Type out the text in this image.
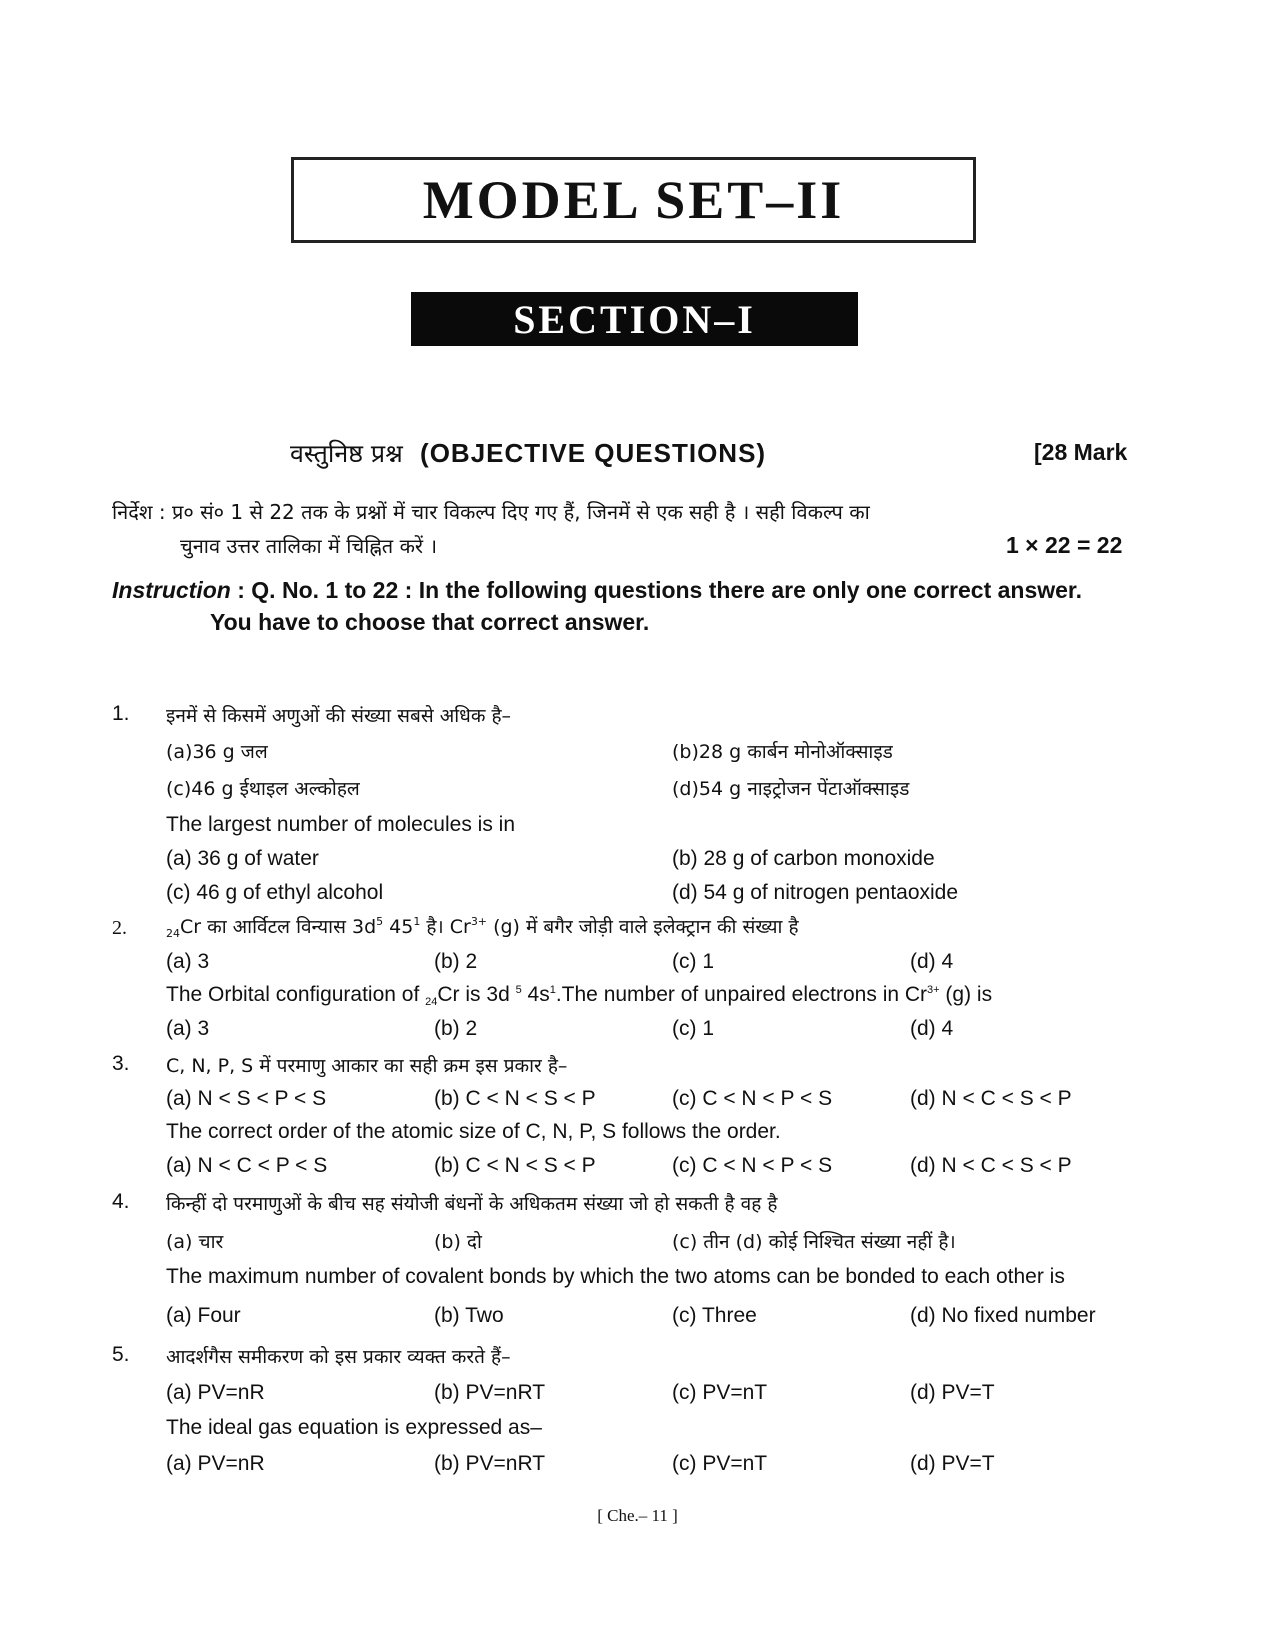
MODEL SET–II
SECTION–I
वस्तुनिष्ठ प्रश्न (OBJECTIVE QUESTIONS)	[28 Mark
निर्देश : प्र० सं० 1 से 22 तक के प्रश्नों में चार विकल्प दिए गए हैं, जिनमें से एक सही है । सही विकल्प का
चुनाव उत्तर तालिका में चिह्नित करें ।	1 × 22 = 22
Instruction : Q. No. 1 to 22 : In the following questions there are only one correct answer.
You have to choose that correct answer.
1. इनमें से किसमें अणुओं की संख्या सबसे अधिक है–
(a)36 g जल	(b)28 g कार्बन मोनोऑक्साइड
(c)46 g ईथाइल अल्कोहल	(d)54 g नाइट्रोजन पेंटाऑक्साइड
The largest number of molecules is in
(a) 36 g of water	(b) 28 g of carbon monoxide
(c) 46 g of ethyl alcohol	(d) 54 g of nitrogen pentaoxide
2.	$_{24}$Cr का आर्विटल विन्यास $3d^5$ $45^1$ है। $Cr^{3+}$ (g) में बगैर जोड़ी वाले इलेक्ट्रान की संख्या है
(a) 3	(b) 2	(c) 1	(d) 4
The Orbital configuration of $_{24}$Cr is 3d $^5$ $4s^1.The$ number of unpaired electrons in $Cr^{3+}$ (g) is
(a) 3	(b) 2	(c) 1	(d) 4
3. C, N, P, S में परमाणु आकार का सही क्रम इस प्रकार है–
(a) N < S < P < S	(b) C < N < S < P	(c) C < N < P < S	(d) N < C < S < P
The correct order of the atomic size of C, N, P, S follows the order.
(a) N < C < P < S	(b) C < N < S < P	(c) C < N < P < S	(d) N < C < S < P
4. किन्हीं दो परमाणुओं के बीच सह संयोजी बंधनों के अधिकतम संख्या जो हो सकती है वह है
(a) चार	(b) दो	(c) तीन (d) कोई निश्चित संख्या नहीं है।
The maximum number of covalent bonds by which the two atoms can be bonded to each other is
(a) Four	(b) Two	(c) Three	(d) No fixed number
5. आदर्शगैस समीकरण को इस प्रकार व्यक्त करते हैं–
(a) PV=nR	(b) PV=nRT	(c) PV=nT	(d) PV=T
The ideal gas equation is expressed as–
(a) PV=nR	(b) PV=nRT	(c) PV=nT	(d) PV=T
[ Che.– 11 ]
